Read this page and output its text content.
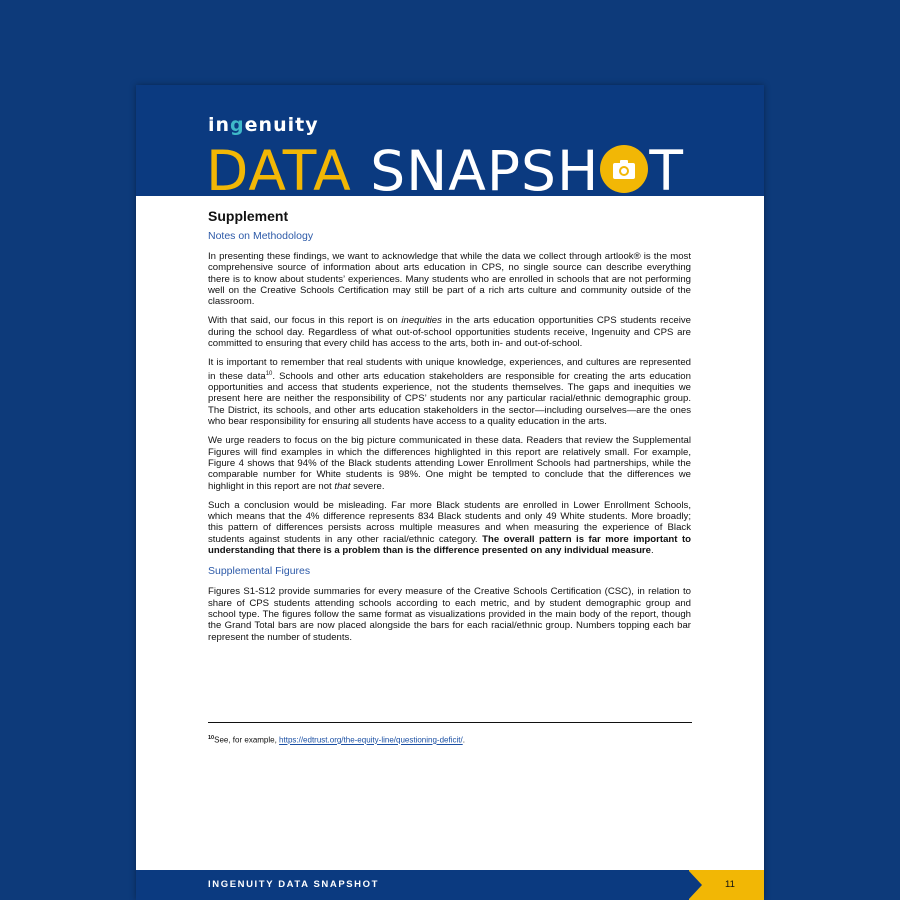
ingenuity
DATA SNAPSH T
Supplement
Notes on Methodology

In presenting these findings, we want to acknowledge that while the data we collect through artlook® is the most comprehensive source of information about arts education in CPS, no single source can describe everything there is to know about students’ experiences. Many students who are enrolled in schools that are not performing well on the Creative Schools Certification may still be part of a rich arts culture and community outside of the classroom.

With that said, our focus in this report is on inequities in the arts education opportunities CPS students receive during the school day. Regardless of what out-of-school opportunities students receive, Ingenuity and CPS are committed to ensuring that every child has access to the arts, both in- and out-of-school.

It is important to remember that real students with unique knowledge, experiences, and cultures are represented in these data$^{10}$. Schools and other arts education stakeholders are responsible for creating the arts education opportunities and access that students experience, not the students themselves. The gaps and inequities we present here are neither the responsibility of CPS’ students nor any particular racial/ethnic demographic group. The District, its schools, and other arts education stakeholders in the sector—including ourselves—are the ones who bear responsibility for ensuring all students have access to a quality education in the arts.

We urge readers to focus on the big picture communicated in these data. Readers that review the Supplemental Figures will find examples in which the differences highlighted in this report are relatively small. For example, Figure 4 shows that 94% of the Black students attending Lower Enrollment Schools had partnerships, while the comparable number for White students is 98%. One might be tempted to conclude that the differences we highlight in this report are not that severe.

Such a conclusion would be misleading. Far more Black students are enrolled in Lower Enrollment Schools, which means that the 4% difference represents 834 Black students and only 49 White students. More broadly; this pattern of differences persists across multiple measures and when measuring the experience of Black students against students in any other racial/ethnic category. The overall pattern is far more important to understanding that there is a problem than is the difference presented on any individual measure.

Supplemental Figures

Figures S1-S12 provide summaries for every measure of the Creative Schools Certification (CSC), in relation to share of CPS students attending schools according to each metric, and by student demographic group and school type. The figures follow the same format as visualizations provided in the main body of the report, though the Grand Total bars are now placed alongside the bars for each racial/ethnic group. Numbers topping each bar represent the number of students.

$^{10}$See, for example, https://edtrust.org/the-equity-line/questioning-deficit/.
INGENUITY DATA SNAPSHOT	11
